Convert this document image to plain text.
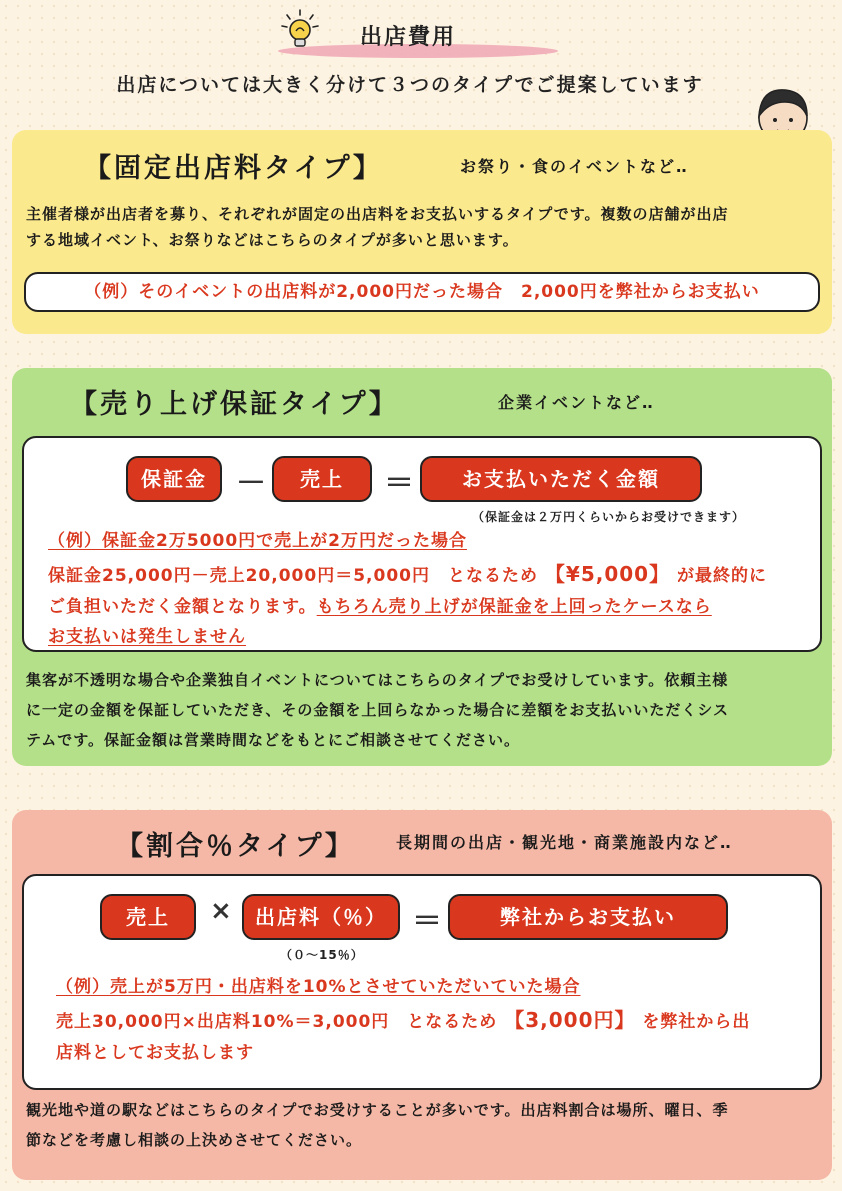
出店費用
出店については大きく分けて３つのタイプでご提案しています
【固定出店料タイプ】	お祭り・食のイベントなど‥
主催者様が出店者を募り、それぞれが固定の出店料をお支払いするタイプです。複数の店舗が出店
する地域イベント、お祭りなどはこちらのタイプが多いと思います。
（例）そのイベントの出店料が2,000円だった場合　2,000円を弊社からお支払い
【売り上げ保証タイプ】	企業イベントなど‥
保証金 －	売上	＝	お支払いただく金額
（保証金は２万円くらいからお受けできます）
（例）保証金2万5000円で売上が2万円だった場合
保証金25,000円－売上20,000円＝5,000円　となるため 【¥5,000】 が最終的に
ご負担いただく金額となります。もちろん売り上げが保証金を上回ったケースなら
お支払いは発生しません
集客が不透明な場合や企業独自イベントについてはこちらのタイプでお受けしています。依頼主様
に一定の金額を保証していただき、その金額を上回らなかった場合に差額をお支払いいただくシス
テムです。保証金額は営業時間などをもとにご相談させてください。
【割合％タイプ】	長期間の出店・観光地・商業施設内など‥
売上	×	出店料（％） ＝	弊社からお支払い
（０～15％）
（例）売上が5万円・出店料を10%とさせていただいていた場合
売上30,000円×出店料10%＝3,000円　となるため 【3,000円】 を弊社から出
店料としてお支払します
観光地や道の駅などはこちらのタイプでお受けすることが多いです。出店料割合は場所、曜日、季
節などを考慮し相談の上決めさせてください。
